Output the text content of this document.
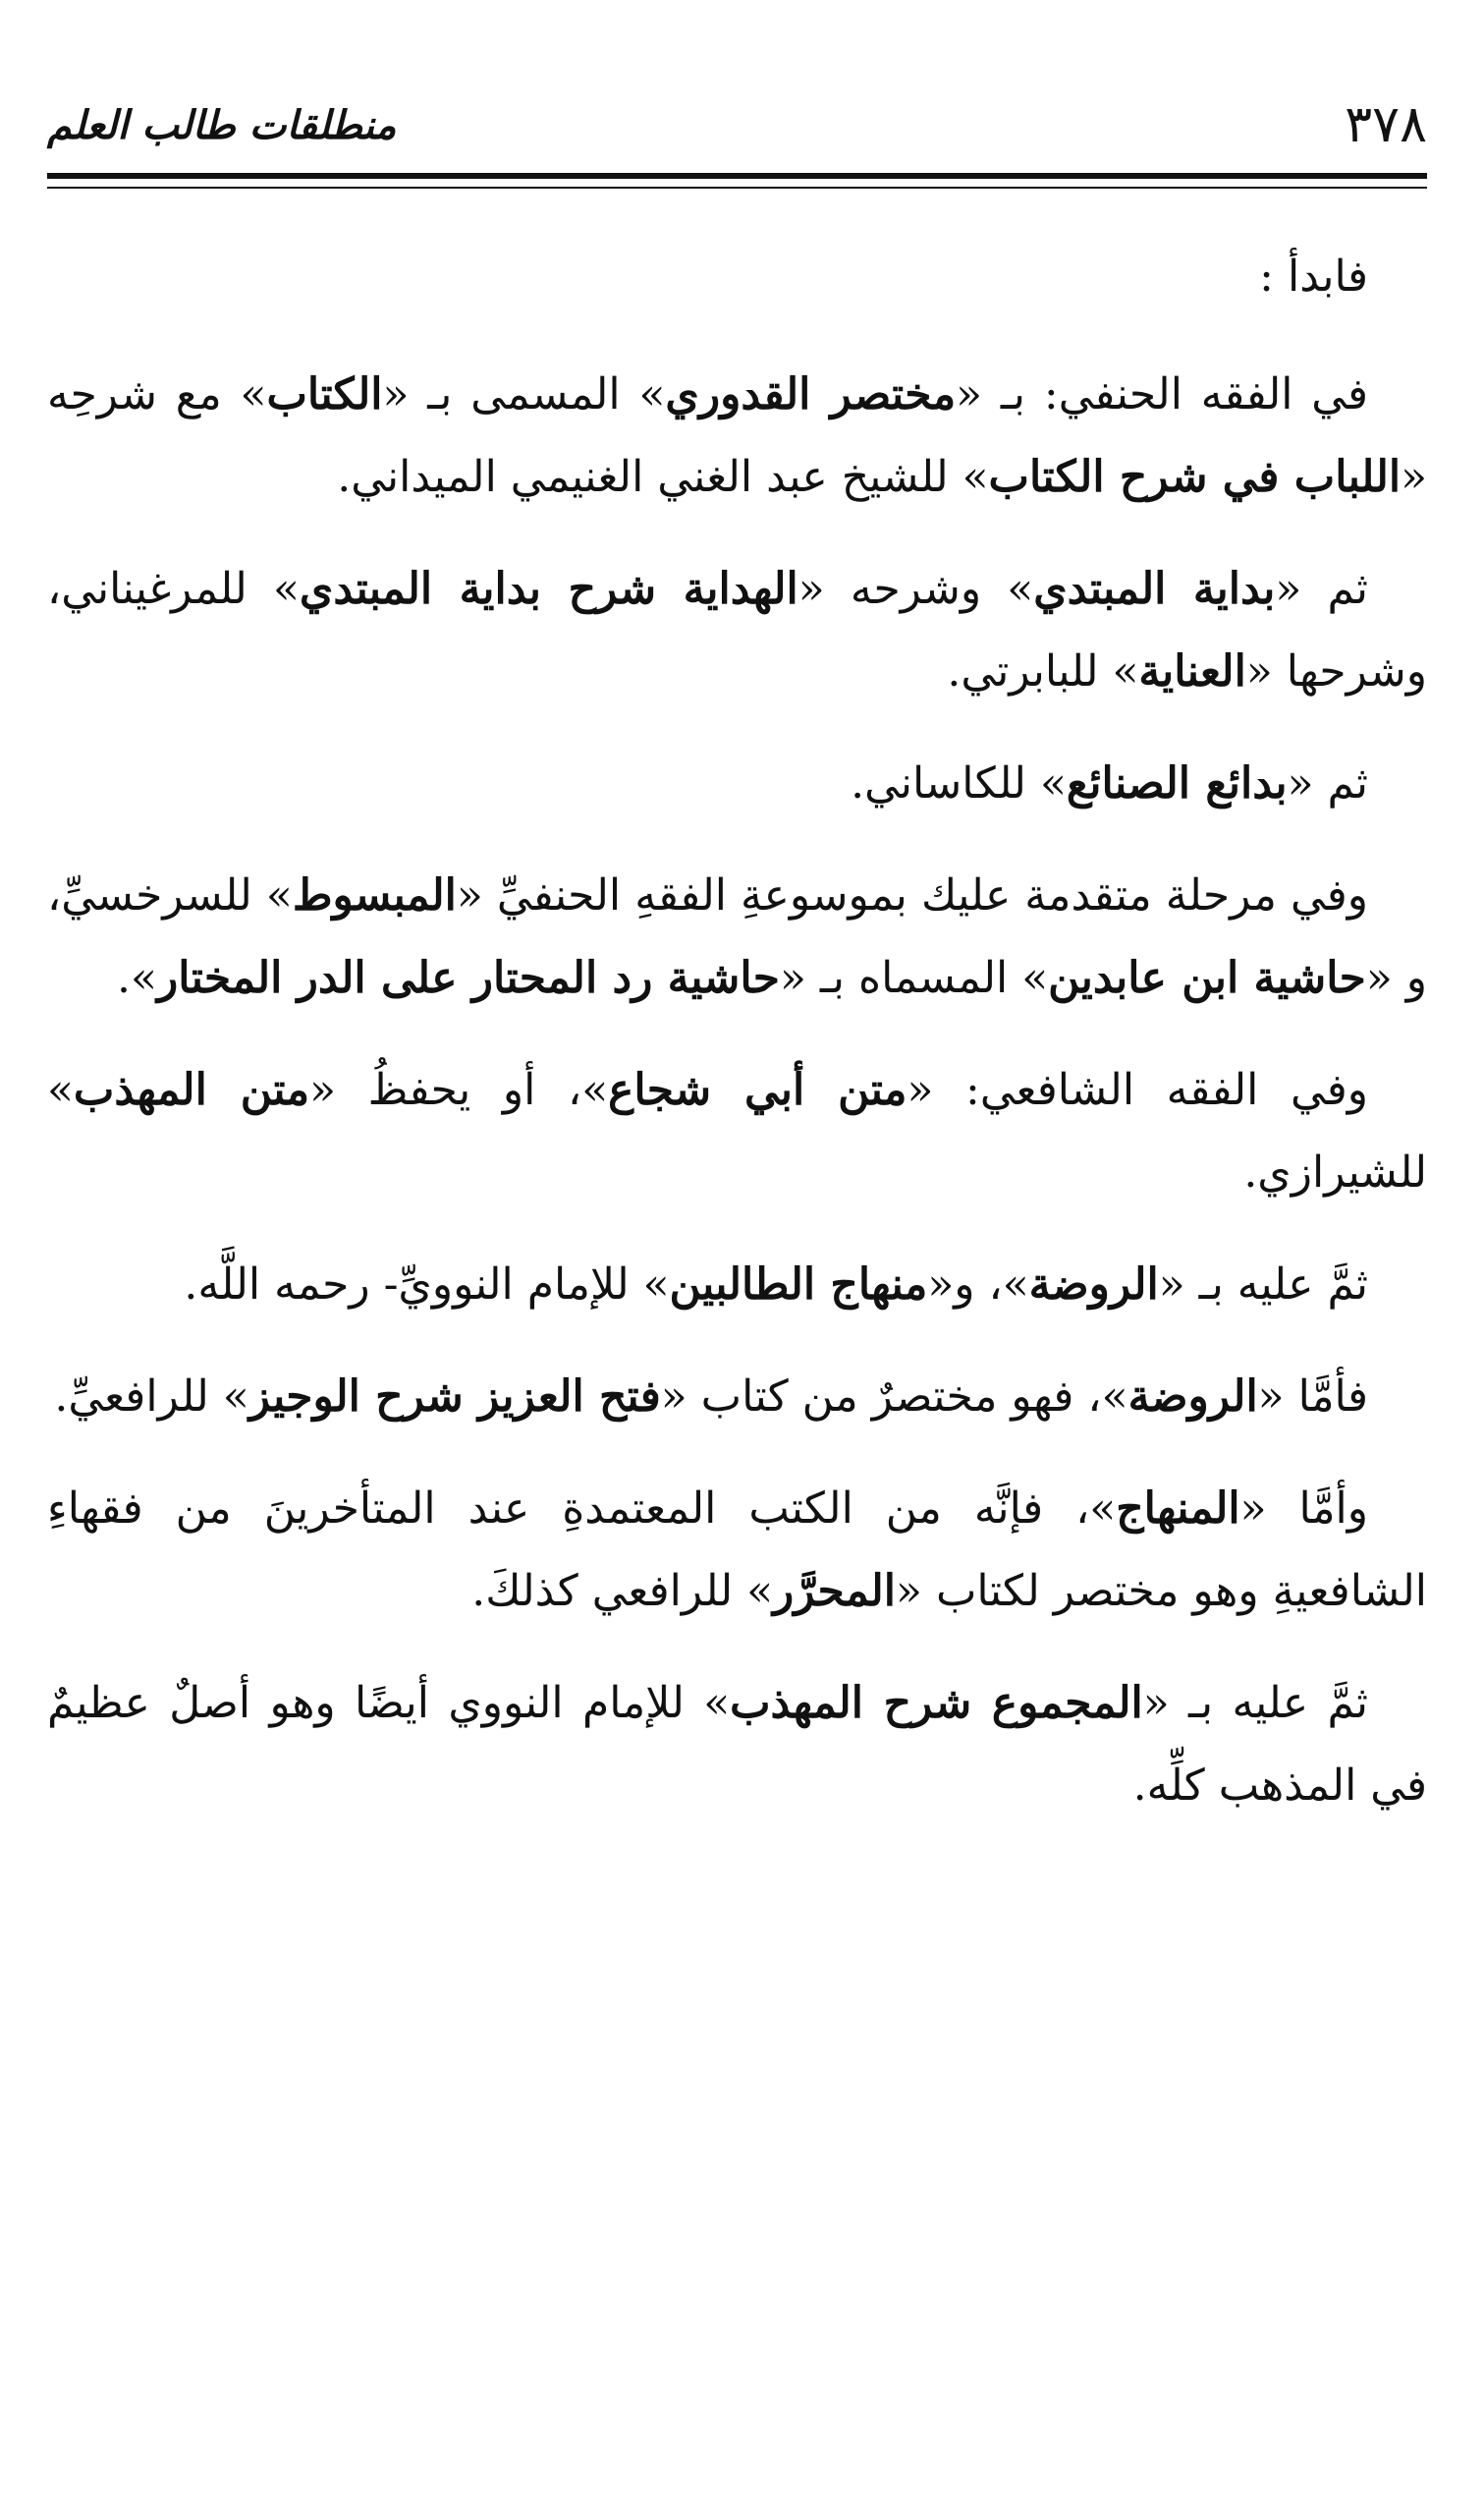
٣٧٨
منطلقات طالب العلم

فابدأ :

في الفقه الحنفي: بـ «مختصر القدوري» المسمى بـ «الكتاب» مع شرحِه «اللباب في شرح الكتاب» للشيخ عبد الغني الغنيمي الميداني.

ثم «بداية المبتدي» وشرحه «الهداية شرح بداية المبتدي» للمرغيناني، وشرحها «العناية» للبابرتي.

ثم «بدائع الصنائع» للكاساني.

وفي مرحلة متقدمة عليك بموسوعةِ الفقهِ الحنفيِّ «المبسوط» للسرخسيِّ، و «حاشية ابن عابدين» المسماه بـ «حاشية رد المحتار على الدر المختار».

وفي الفقه الشافعي: «متن أبي شجاع»، أو يحفظُ «متن المهذب» للشيرازي.

ثمَّ عليه بـ «الروضة»، و«منهاج الطالبين» للإمام النوويِّ- رحمه اللَّه.

فأمَّا «الروضة»، فهو مختصرٌ من كتاب «فتح العزيز شرح الوجيز» للرافعيِّ.

وأمَّا «المنهاج»، فإنَّه من الكتب المعتمدةِ عند المتأخرينَ من فقهاءِ الشافعيةِ وهو مختصر لكتاب «المحرَّر» للرافعي كذلكَ.

ثمَّ عليه بـ «المجموع شرح المهذب» للإمام النووي أيضًا وهو أصلٌ عظيمٌ في المذهب كلِّه.
